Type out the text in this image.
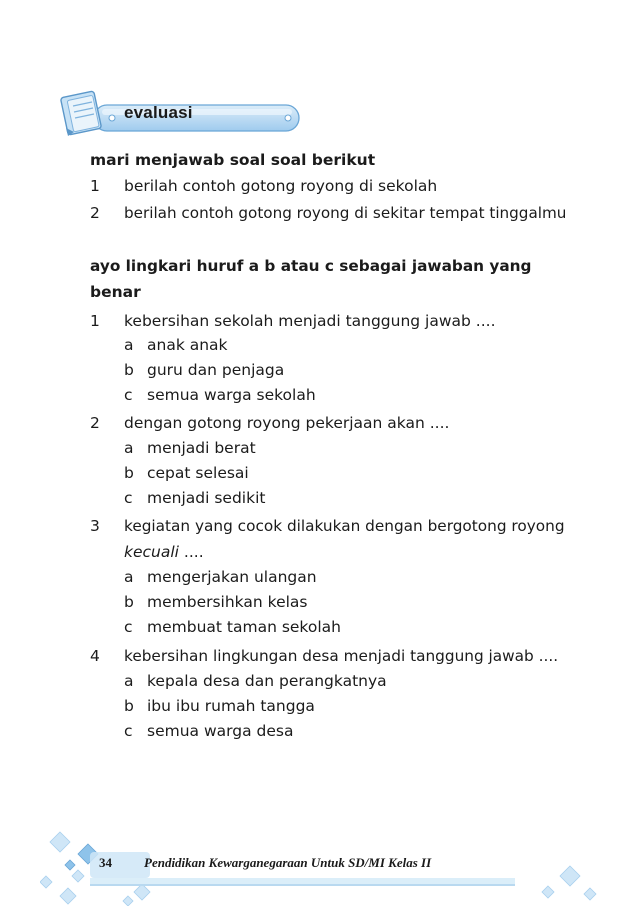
evaluasi
mari menjawab soal soal berikut
1	berilah contoh gotong royong di sekolah
2	berilah contoh gotong royong di sekitar tempat tinggalmu
ayo lingkari huruf a b atau c sebagai jawaban yang
benar
1	kebersihan sekolah menjadi tanggung jawab ....
a anak anak
b guru dan penjaga
c semua warga sekolah
2	dengan gotong royong pekerjaan akan ....
a menjadi berat
b cepat selesai
c menjadi sedikit
3	kegiatan yang cocok dilakukan dengan bergotong royong
kecuali ....
a mengerjakan ulangan
b membersihkan kelas
c membuat taman sekolah
4	kebersihan lingkungan desa menjadi tanggung jawab ....
a kepala desa dan perangkatnya
b ibu ibu rumah tangga
c semua warga desa
34 Pendidikan Kewarganegaraan Untuk SD/MI Kelas II
